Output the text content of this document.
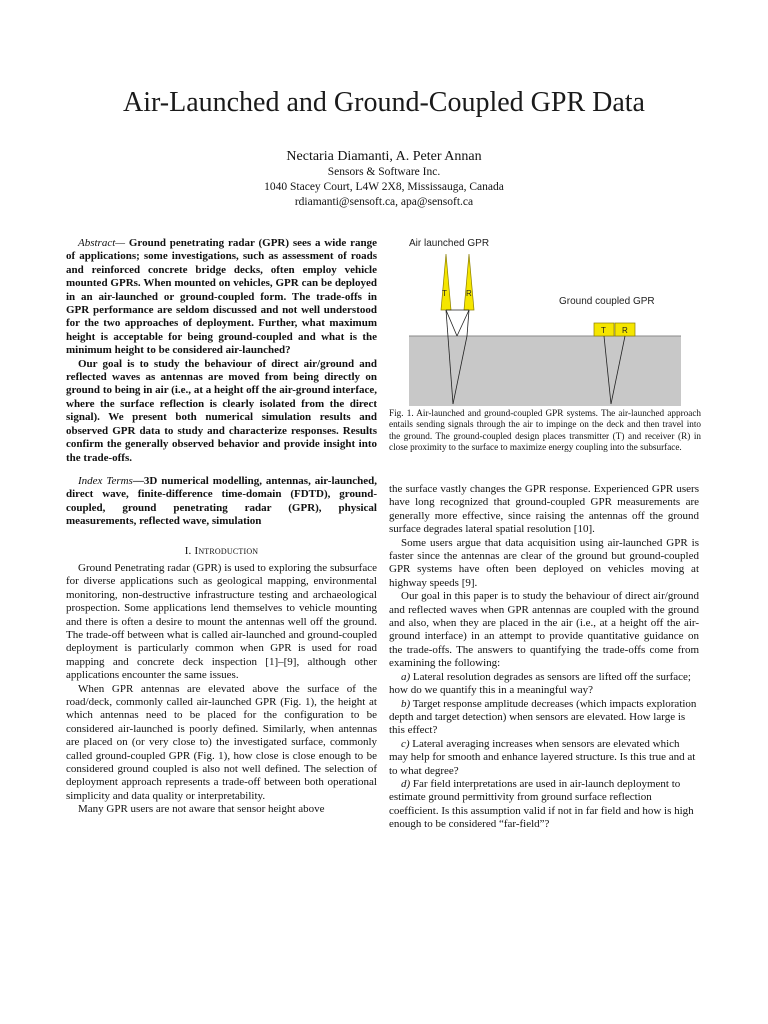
Air-Launched and Ground-Coupled GPR Data
Nectaria Diamanti, A. Peter Annan
Sensors & Software Inc.
1040 Stacey Court, L4W 2X8, Mississauga, Canada
rdiamanti@sensoft.ca, apa@sensoft.ca

Abstract— Ground penetrating radar (GPR) sees a wide range of applications; some investigations, such as assessment of roads and reinforced concrete bridge decks, often employ vehicle mounted GPRs. When mounted on vehicles, GPR can be deployed in an air-launched or ground-coupled form. The trade-offs in GPR performance are seldom discussed and not well understood for the two approaches of deployment. Further, what maximum height is acceptable for being ground-coupled and what is the minimum height to be considered air-launched?

Our goal is to study the behaviour of direct air/ground and reflected waves as antennas are moved from being directly on ground to being in air (i.e., at a height off the air-ground interface, where the surface reflection is clearly isolated from the direct signal). We present both numerical simulation results and observed GPR data to study and characterize responses. Results confirm the generally observed behavior and provide insight into the trade-offs.

Index Terms—3D numerical modelling, antennas, air-launched, direct wave, finite-difference time-domain (FDTD), ground-coupled, ground penetrating radar (GPR), physical measurements, reflected wave, simulation

I. Introduction

Ground Penetrating radar (GPR) is used to exploring the subsurface for diverse applications such as geological mapping, environmental monitoring, non-destructive infrastructure testing and archaeological prospection. Some applications lend themselves to vehicle mounting and there is often a desire to mount the antennas well off the ground. The trade-off between what is called air-launched and ground-coupled deployment is particularly common when GPR is used for road mapping and concrete deck inspection [1]–[9], although other applications encounter the same issues.

When GPR antennas are elevated above the surface of the road/deck, commonly called air-launched GPR (Fig. 1), the height at which antennas need to be placed for the configuration to be considered air-launched is poorly defined. Similarly, when antennas are placed on (or very close to) the investigated surface, commonly called ground-coupled GPR (Fig. 1), how close is close enough to be considered ground coupled is also not well defined. The selection of deployment approach represents a trade-off between both operational simplicity and data quality or interpretability.

Many GPR users are not aware that sensor height above

Air launched GPR
Ground coupled GPR
T R
T R
Fig. 1. Air-launched and ground-coupled GPR systems. The air-launched approach entails sending signals through the air to impinge on the deck and then travel into the ground. The ground-coupled design places transmitter (T) and receiver (R) in close proximity to the surface to maximize energy coupling into the subsurface.

the surface vastly changes the GPR response. Experienced GPR users have long recognized that ground-coupled GPR measurements are generally more effective, since raising the antennas off the ground surface degrades lateral spatial resolution [10].

Some users argue that data acquisition using air-launched GPR is faster since the antennas are clear of the ground but ground-coupled GPR systems have often been deployed on vehicles moving at highway speeds [9].

Our goal in this paper is to study the behaviour of direct air/ground and reflected waves when GPR antennas are coupled with the ground and also, when they are placed in the air (i.e., at a height off the air-ground interface) in an attempt to provide quantitative guidance on the trade-offs. The answers to quantifying the trade-offs come from examining the following:

a) Lateral resolution degrades as sensors are lifted off the surface; how do we quantify this in a meaningful way?

b) Target response amplitude decreases (which impacts exploration depth and target detection) when sensors are elevated. How large is this effect?

c) Lateral averaging increases when sensors are elevated which may help for smooth and enhance layered structure. Is this true and at to what degree?

d) Far field interpretations are used in air-launch deployment to estimate ground permittivity from ground surface reflection coefficient. Is this assumption valid if not in far field and how is high enough to be considered “far-field”?
